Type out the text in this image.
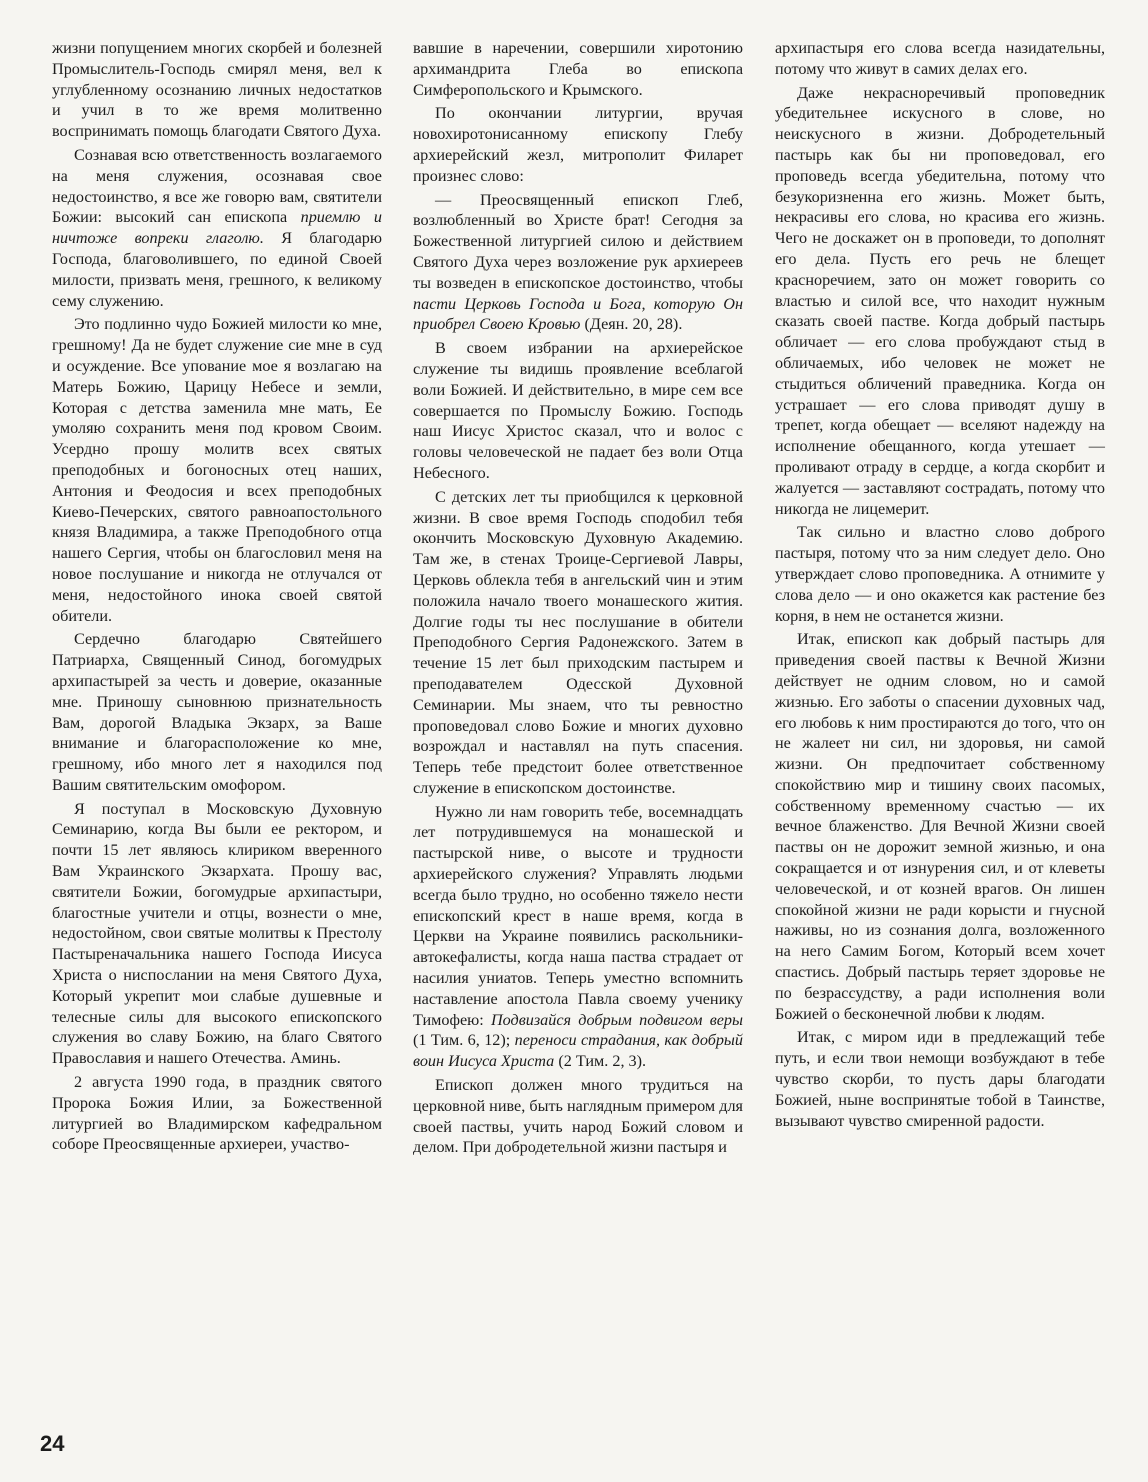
жизни попущением многих скорбей и болезней Промыслитель-Господь смирял меня, вел к углубленному осознанию личных недостатков и учил в то же время молитвенно воспринимать помощь благодати Святого Духа.

Сознавая всю ответственность возлагаемого на меня служения, осознавая свое недостоинство, я все же говорю вам, святители Божии: высокий сан епископа приемлю и ничтоже вопреки глаголю. Я благодарю Господа, благоволившего, по единой Своей милости, призвать меня, грешного, к великому сему служению.

Это подлинно чудо Божией милости ко мне, грешному! Да не будет служение сие мне в суд и осуждение. Все упование мое я возлагаю на Матерь Божию, Царицу Небесе и земли, Которая с детства заменила мне мать, Ее умоляю сохранить меня под кровом Своим. Усердно прошу молитв всех святых преподобных и богоносных отец наших, Антония и Феодосия и всех преподобных Киево-Печерских, святого равноапостольного князя Владимира, а также Преподобного отца нашего Сергия, чтобы он благословил меня на новое послушание и никогда не отлучался от меня, недостойного инока своей святой обители.

Сердечно благодарю Святейшего Патриарха, Священный Синод, богомудрых архипастырей за честь и доверие, оказанные мне. Приношу сыновнюю признательность Вам, дорогой Владыка Экзарх, за Ваше внимание и благорасположение ко мне, грешному, ибо много лет я находился под Вашим святительским омофором.

Я поступал в Московскую Духовную Семинарию, когда Вы были ее ректором, и почти 15 лет являюсь клириком вверенного Вам Украинского Экзархата. Прошу вас, святители Божии, богомудрые архипастыри, благостные учители и отцы, вознести о мне, недостойном, свои святые молитвы к Престолу Пастыреначальника нашего Господа Иисуса Христа о ниспослании на меня Святого Духа, Который укрепит мои слабые душевные и телесные силы для высокого епископского служения во славу Божию, на благо Святого Православия и нашего Отечества. Аминь.

2 августа 1990 года, в праздник святого Пророка Божия Илии, за Божественной литургией во Владимирском кафедральном соборе Преосвященные архиереи, участво-

вавшие в наречении, совершили хиротонию архимандрита Глеба во епископа Симферопольского и Крымского.

По окончании литургии, вручая новохиротонисанному епископу Глебу архиерейский жезл, митрополит Филарет произнес слово:

— Преосвященный епископ Глеб, возлюбленный во Христе брат! Сегодня за Божественной литургией силою и действием Святого Духа через возложение рук архиереев ты возведен в епископское достоинство, чтобы пасти Церковь Господа и Бога, которую Он приобрел Своею Кровью (Деян. 20, 28).

В своем избрании на архиерейское служение ты видишь проявление всеблагой воли Божией. И действительно, в мире сем все совершается по Промыслу Божию. Господь наш Иисус Христос сказал, что и волос с головы человеческой не падает без воли Отца Небесного.

С детских лет ты приобщился к церковной жизни. В свое время Господь сподобил тебя окончить Московскую Духовную Академию. Там же, в стенах Троице-Сергиевой Лавры, Церковь облекла тебя в ангельский чин и этим положила начало твоего монашеского жития. Долгие годы ты нес послушание в обители Преподобного Сергия Радонежского. Затем в течение 15 лет был приходским пастырем и преподавателем Одесской Духовной Семинарии. Мы знаем, что ты ревностно проповедовал слово Божие и многих духовно возрождал и наставлял на путь спасения. Теперь тебе предстоит более ответственное служение в епископском достоинстве.

Нужно ли нам говорить тебе, восемнадцать лет потрудившемуся на монашеской и пастырской ниве, о высоте и трудности архиерейского служения? Управлять людьми всегда было трудно, но особенно тяжело нести епископский крест в наше время, когда в Церкви на Украине появились раскольники-автокефалисты, когда наша паства страдает от насилия униатов. Теперь уместно вспомнить наставление апостола Павла своему ученику Тимофею: Подвизайся добрым подвигом веры (1 Тим. 6, 12); переноси страдания, как добрый воин Иисуса Христа (2 Тим. 2, 3).

Епископ должен много трудиться на церковной ниве, быть наглядным примером для своей паствы, учить народ Божий словом и делом. При добродетельной жизни пастыря и

архипастыря его слова всегда назидательны, потому что живут в самих делах его.

Даже некрасноречивый проповедник убедительнее искусного в слове, но неискусного в жизни. Добродетельный пастырь как бы ни проповедовал, его проповедь всегда убедительна, потому что безукоризненна его жизнь. Может быть, некрасивы его слова, но красива его жизнь. Чего не доскажет он в проповеди, то дополнят его дела. Пусть его речь не блещет красноречием, зато он может говорить со властью и силой все, что находит нужным сказать своей пастве. Когда добрый пастырь обличает — его слова пробуждают стыд в обличаемых, ибо человек не может не стыдиться обличений праведника. Когда он устрашает — его слова приводят душу в трепет, когда обещает — вселяют надежду на исполнение обещанного, когда утешает — проливают отраду в сердце, а когда скорбит и жалуется — заставляют сострадать, потому что никогда не лицемерит.

Так сильно и властно слово доброго пастыря, потому что за ним следует дело. Оно утверждает слово проповедника. А отнимите у слова дело — и оно окажется как растение без корня, в нем не останется жизни.

Итак, епископ как добрый пастырь для приведения своей паствы к Вечной Жизни действует не одним словом, но и самой жизнью. Его заботы о спасении духовных чад, его любовь к ним простираются до того, что он не жалеет ни сил, ни здоровья, ни самой жизни. Он предпочитает собственному спокойствию мир и тишину своих пасомых, собственному временному счастью — их вечное блаженство. Для Вечной Жизни своей паствы он не дорожит земной жизнью, и она сокращается и от изнурения сил, и от клеветы человеческой, и от козней врагов. Он лишен спокойной жизни не ради корысти и гнусной наживы, но из сознания долга, возложенного на него Самим Богом, Который всем хочет спастись. Добрый пастырь теряет здоровье не по безрассудству, а ради исполнения воли Божией о бесконечной любви к людям.

Итак, с миром иди в предлежащий тебе путь, и если твои немощи возбуждают в тебе чувство скорби, то пусть дары благодати Божией, ныне воспринятые тобой в Таинстве, вызывают чувство смиренной радости.

24
